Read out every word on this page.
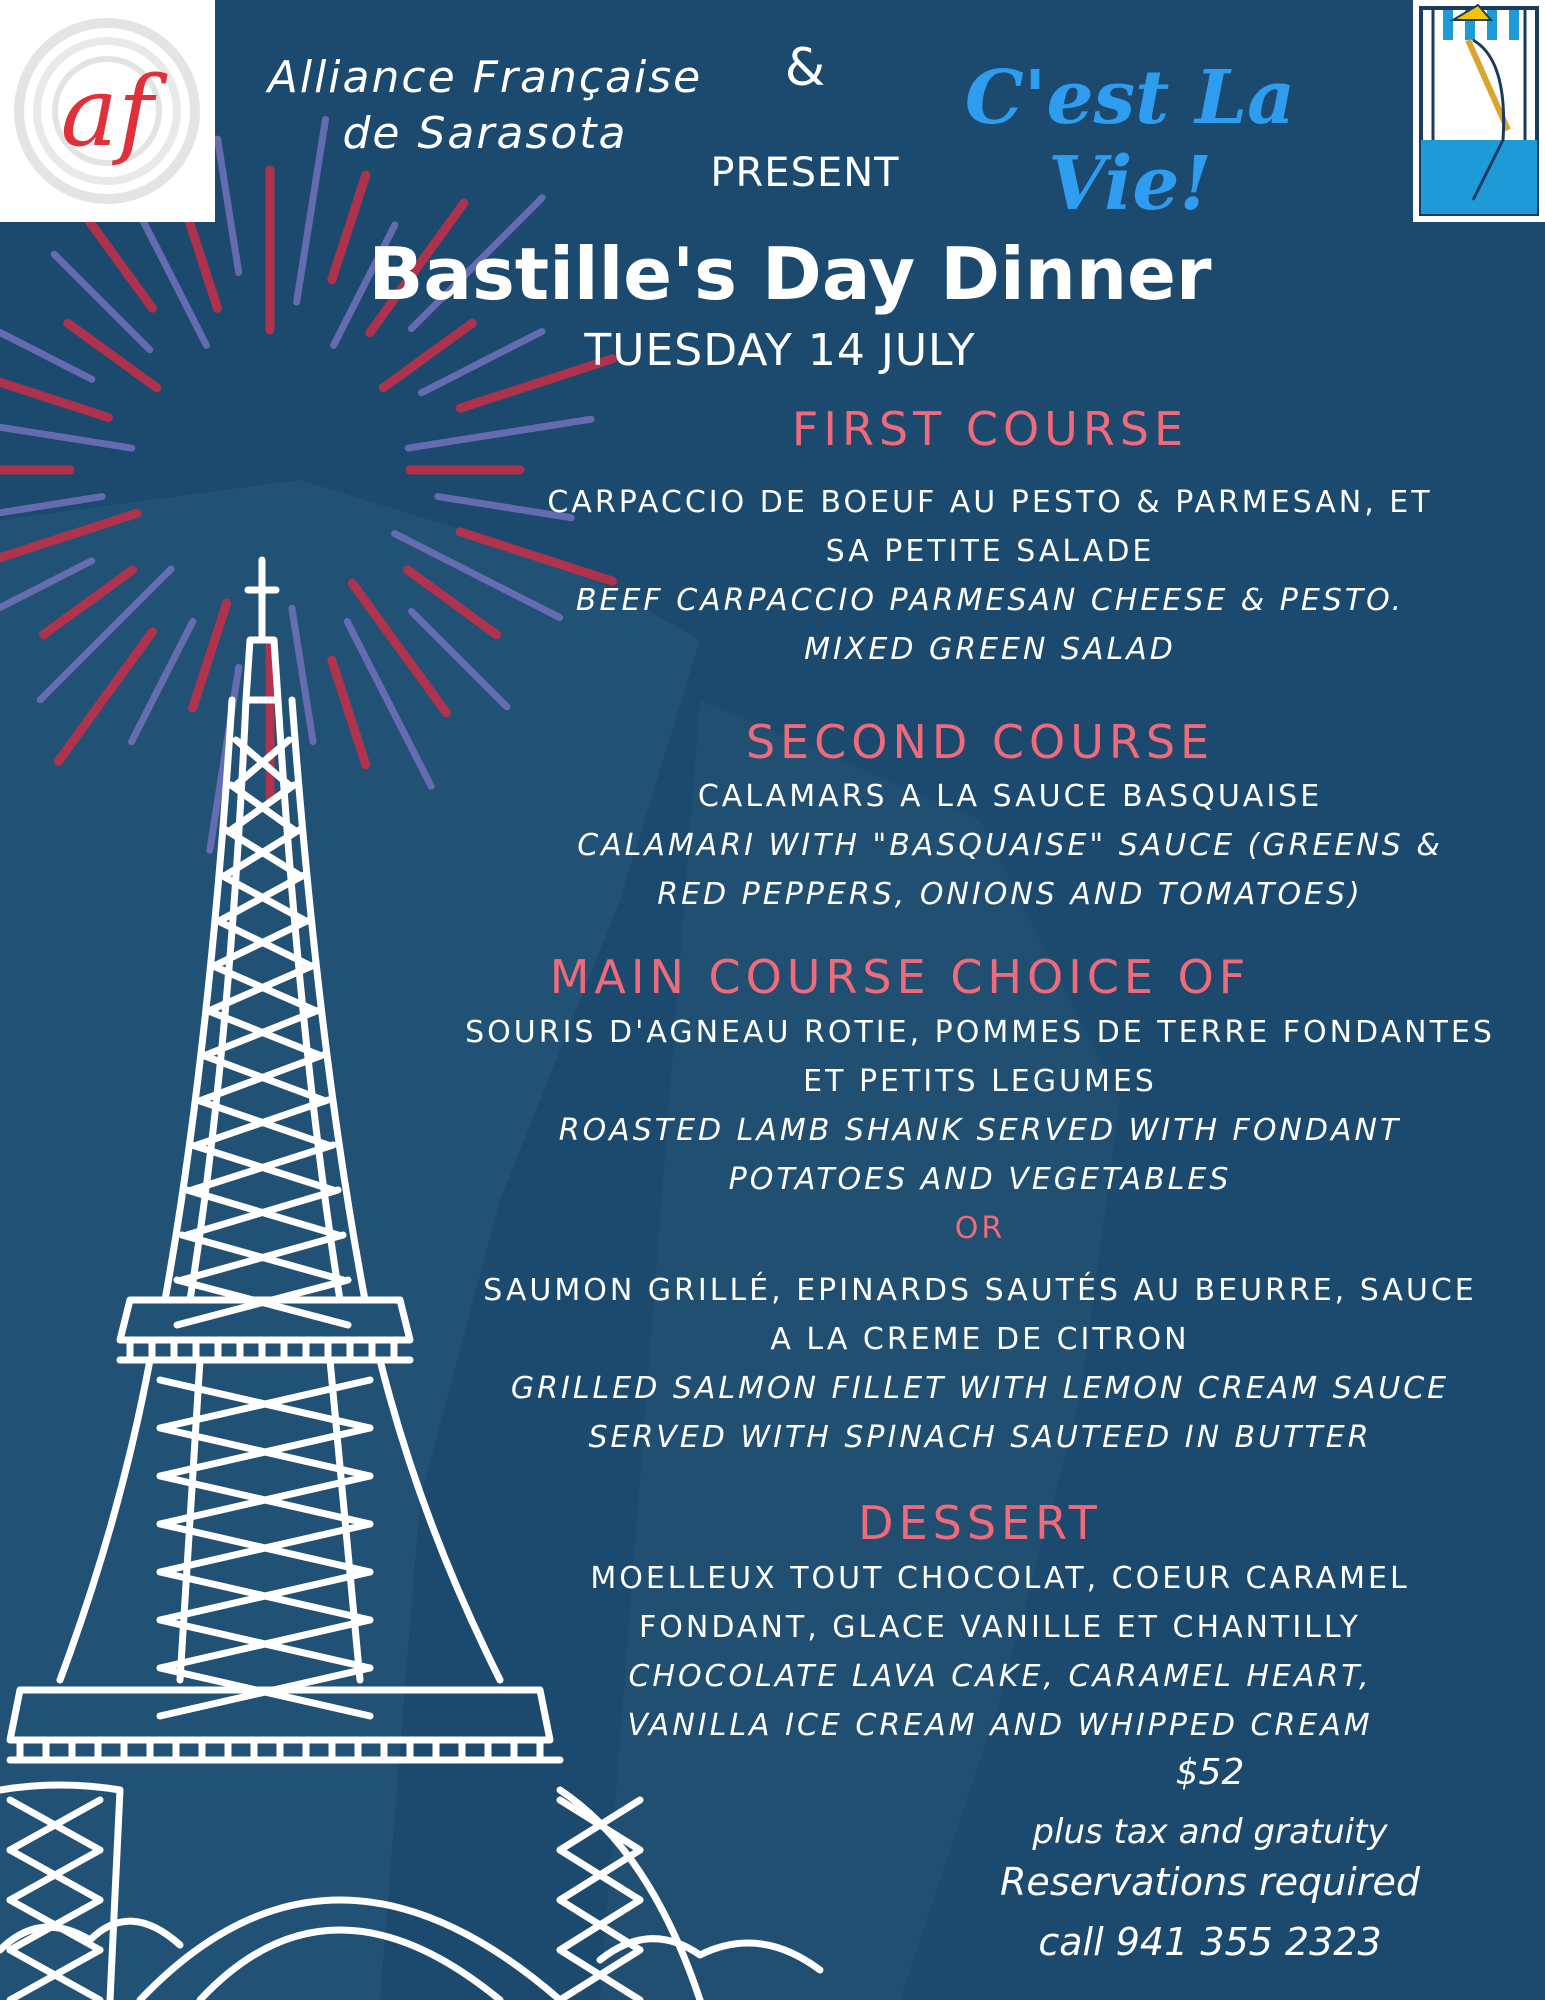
af	Alliance Française
de Sarasota
&	C'est La Vie!
PRESENT
Bastille's Day Dinner
TUESDAY 14 JULY
FIRST COURSE
CARPACCIO DE BOEUF AU PESTO & PARMESAN, ET
SA PETITE SALADE
BEEF CARPACCIO PARMESAN CHEESE & PESTO.
MIXED GREEN SALAD
SECOND COURSE
CALAMARS A LA SAUCE BASQUAISE
CALAMARI WITH "BASQUAISE" SAUCE (GREENS &
RED PEPPERS, ONIONS AND TOMATOES)
MAIN COURSE CHOICE OF
SOURIS D'AGNEAU ROTIE, POMMES DE TERRE FONDANTES
ET PETITS LEGUMES
ROASTED LAMB SHANK SERVED WITH FONDANT
POTATOES AND VEGETABLES
OR
SAUMON GRILLÉ, EPINARDS SAUTÉS AU BEURRE, SAUCE
A LA CREME DE CITRON
GRILLED SALMON FILLET WITH LEMON CREAM SAUCE
SERVED WITH SPINACH SAUTEED IN BUTTER
DESSERT
MOELLEUX TOUT CHOCOLAT, COEUR CARAMEL
FONDANT, GLACE VANILLE ET CHANTILLY
CHOCOLATE LAVA CAKE, CARAMEL HEART,
VANILLA ICE CREAM AND WHIPPED CREAM
$52
plus tax and gratuity
Reservations required
call 941 355 2323
